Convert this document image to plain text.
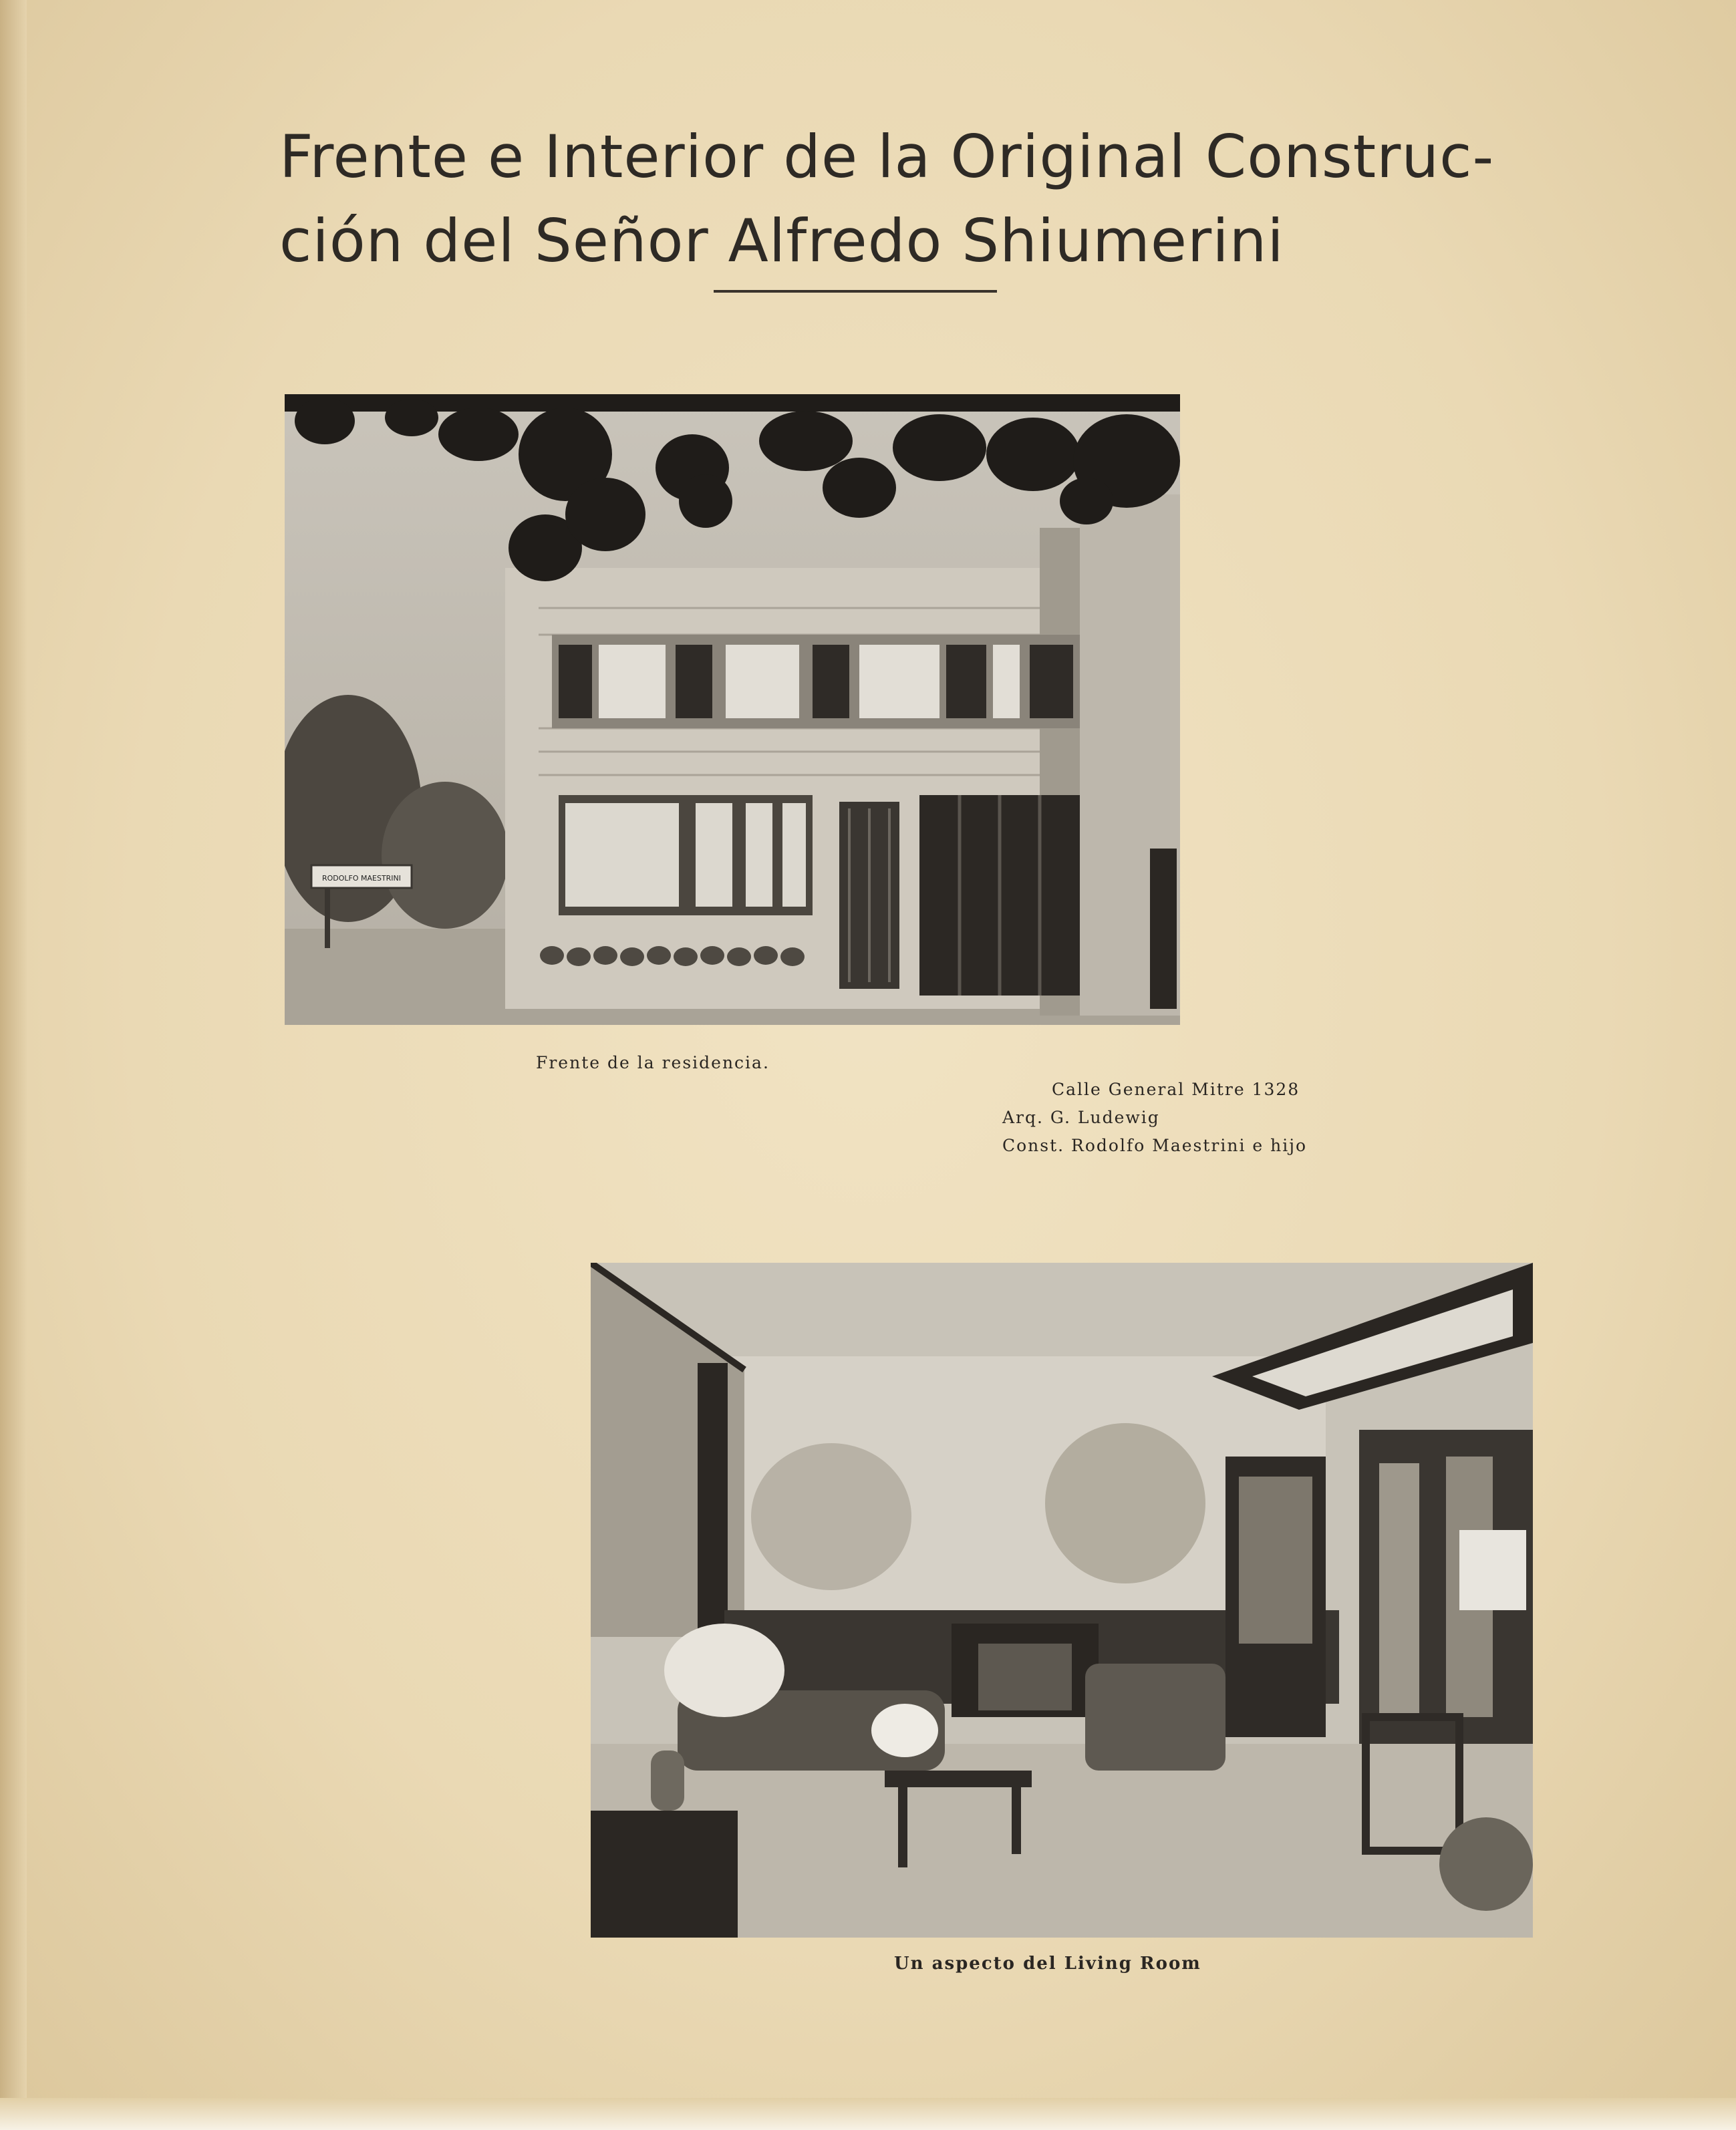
Frente e Interior de la Original Construc-
ción del Señor Alfredo Shiumerini
RODOLFO MAESTRINI
Frente de la residencia.
Calle General Mitre 1328
Arq. G. Ludewig
Const. Rodolfo Maestrini e hijo
Un aspecto del Living Room
